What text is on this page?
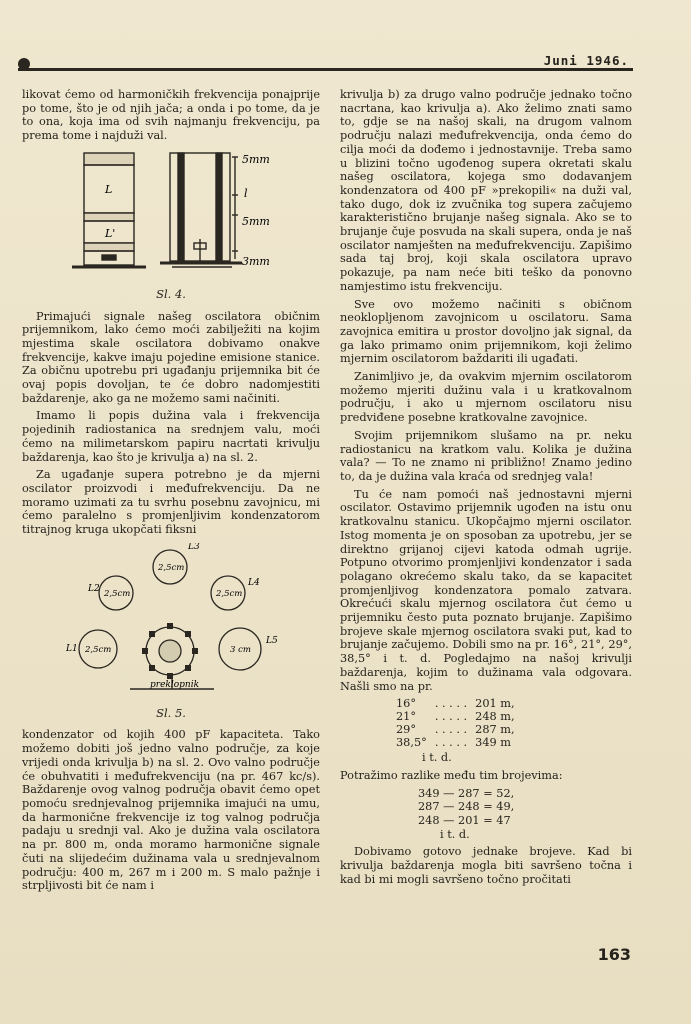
Juni 1946.

likovat ćemo od harmoničkih frekvencija ponajprije po tome, što je od njih jača; a onda i po tome, da je to ona, koja ima od svih najmanju frekvenciju, pa prema tome i najduži val.

L
L'
5mm
l
5mm
3mm
Sl. 4.

Primajući signale našeg oscilatora običnim prijemnikom, lako ćemo moći zabilježiti na kojim mjestima skale oscilatora dobivamo onakve frekvencije, kakve imaju pojedine emisione stanice. Za običnu upotrebu pri ugađanju prijemnika bit će ovaj popis dovoljan, te će dobro nadomjestiti baždarenje, ako ga ne možemo sami načiniti.

Imamo li popis dužina vala i frekvencija pojedinih radiostanica na srednjem valu, moći ćemo na milimetarskom papiru nacrtati krivulju baždarenja, kao što je krivulja a) na sl. 2.

Za ugađanje supera potrebno je da mjerni oscilator proizvodi i međufrekvenciju. Da ne moramo uzimati za tu svrhu posebnu zavojnicu, mi ćemo paralelno s promjenljivim kondenzatorom titrajnog kruga ukopčati fiksni

2,5cm
2,5cm	2,5cm
2,5cm	3 cm
L3
L2
L4
L1
L5
preklopnik
Sl. 5.

kondenzator od kojih 400 pF kapaciteta. Tako možemo dobiti još jedno valno područje, za koje vrijedi onda krivulja b) na sl. 2. Ovo valno područje će obuhvatiti i međufrekvenciju (na pr. 467 kc/s). Baždarenje ovog valnog područja obavit ćemo opet pomoću srednjevalnog prijemnika imajući na umu, da harmonične frekvencije iz tog valnog područja padaju u srednji val. Ako je dužina vala oscilatora na pr. 800 m, onda moramo harmonične signale čuti na slijedećim dužinama vala u srednjevalnom području: 400 m, 267 m i 200 m. S malo pažnje i strpljivosti bit će nam i

krivulja b) za drugo valno područje jednako točno nacrtana, kao krivulja a). Ako želimo znati samo to, gdje se na našoj skali, na drugom valnom području nalazi međufrekvencija, onda ćemo do cilja moći da dođemo i jednostavnije. Treba samo u blizini točno ugođenog supera okretati skalu našeg oscilatora, kojega smo dodavanjem kondenzatora od 400 pF »prekopili« na duži val, tako dugo, dok iz zvučnika tog supera začujemo karakteristično brujanje našeg signala. Ako se to brujanje čuje posvuda na skali supera, onda je naš oscilator namješten na međufrekvenciju. Zapišimo sada taj broj, koji skala oscilatora upravo pokazuje, pa nam neće biti teško da ponovno namjestimo istu frekvenciju.

Sve ovo možemo načiniti s običnom neoklopljenom zavojnicom u oscilatoru. Sama zavojnica emitira u prostor dovoljno jak signal, da ga lako primamo onim prijemnikom, koji želimo mjernim oscilatorom baždariti ili ugađati.

Zanimljivo je, da ovakvim mjernim oscilatorom možemo mjeriti dužinu vala i u kratkovalnom području, i ako u mjernom oscilatoru nisu predviđene posebne kratkovalne zavojnice.

Svojim prijemnikom slušamo na pr. neku radiostanicu na kratkom valu. Kolika je dužina vala? — To ne znamo ni približno! Znamo jedino to, da je dužina vala kraća od srednjeg vala!

Tu će nam pomoći naš jednostavni mjerni oscilator. Ostavimo prijemnik ugođen na istu onu kratkovalnu stanicu. Ukopčajmo mjerni oscilator. Istog momenta je on sposoban za upotrebu, jer se direktno grijanoj cijevi katoda odmah ugrije. Potpuno otvorimo promjenljivi kondenzator i sada polagano okrećemo skalu tako, da se kapacitet promjenljivog kondenzatora pomalo zatvara. Okrećući skalu mjernog oscilatora čut ćemo u prijemniku često puta poznato brujanje. Zapišimo brojeve skale mjernog oscilatora svaki put, kad to brujanje začujemo. Dobili smo na pr. 16°, 21°, 29°, 38,5° i t. d. Pogledajmo na našoj krivulji baždarenja, kojim to dužinama vala odgovara. Našli smo na pr.

16°	. . . . .	201 m,
21°	. . . . .	248 m,
29°	. . . . .	287 m,
38,5°	. . . . .	349 m

i t. d.

Potražimo razlike među tim brojevima:

349 — 287 = 52,
287 — 248 = 49,
248 — 201 = 47

i t. d.

Dobivamo gotovo jednake brojeve. Kad bi krivulja baždarenja mogla biti savršeno točna i kad bi mi mogli savršeno točno pročitati

163
